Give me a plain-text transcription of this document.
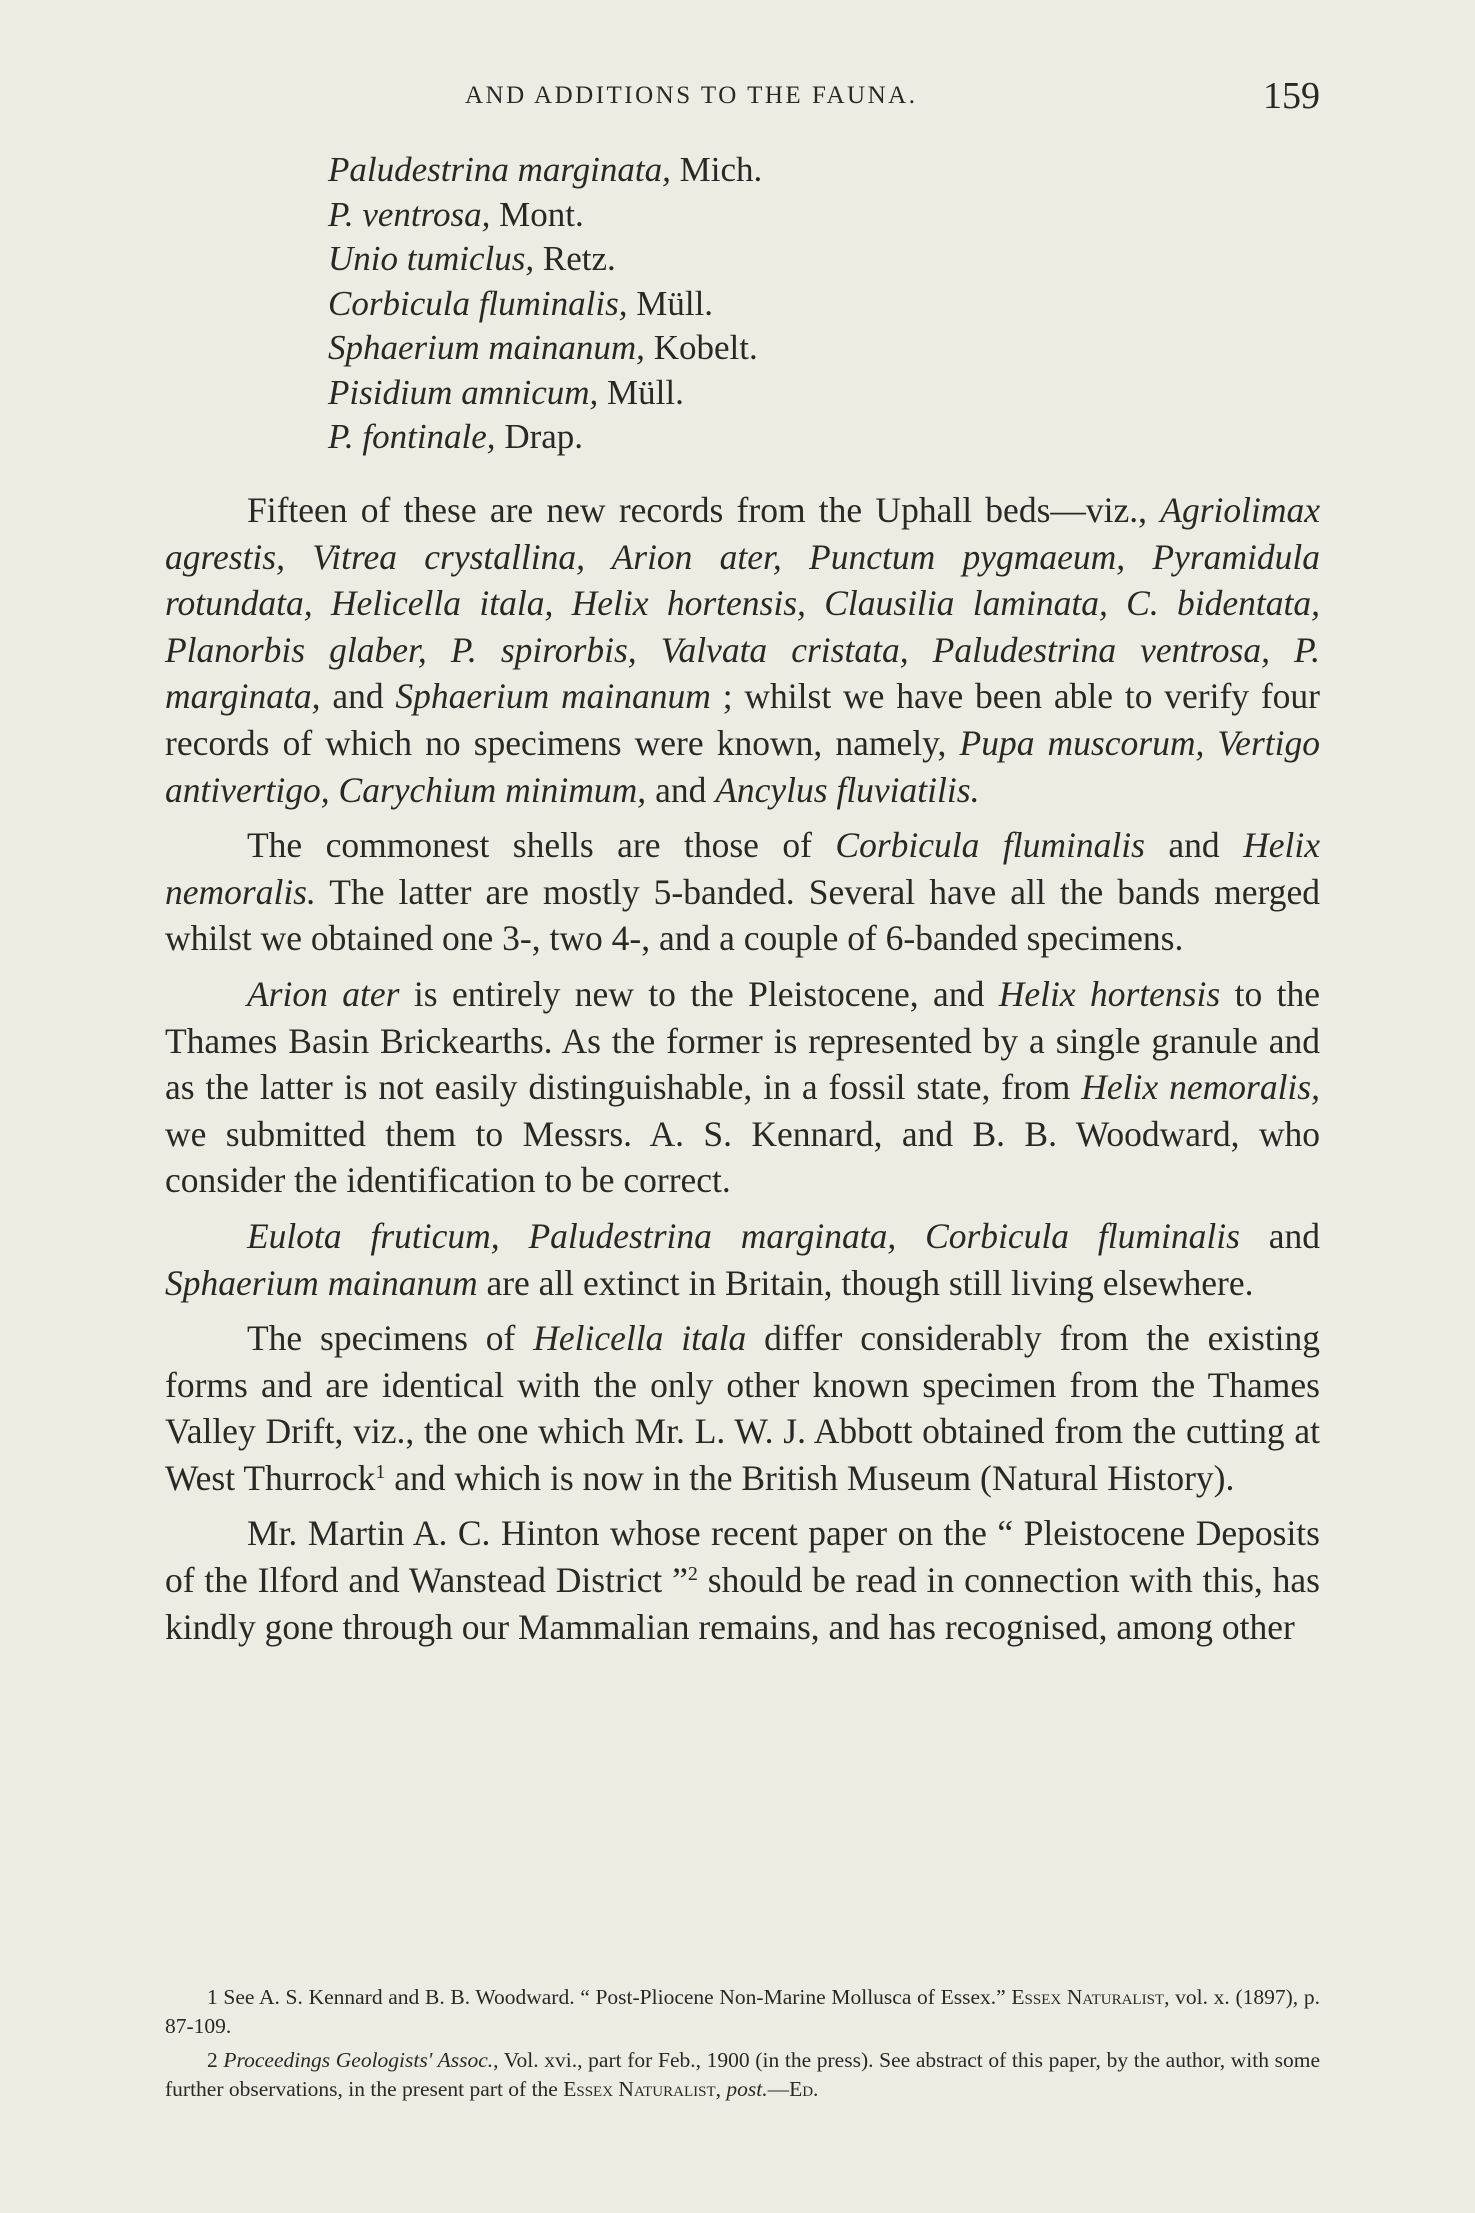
AND ADDITIONS TO THE FAUNA.	159
Paludestrina marginata, Mich.
P. ventrosa, Mont.
Unio tumiclus, Retz.
Corbicula fluminalis, Müll.
Sphaerium mainanum, Kobelt.
Pisidium amnicum, Müll.
P. fontinale, Drap.

Fifteen of these are new records from the Uphall beds—viz., Agriolimax agrestis, Vitrea crystallina, Arion ater, Punctum pygmaeum, Pyramidula rotundata, Helicella itala, Helix hortensis, Clausilia laminata, C. bidentata, Planorbis glaber, P. spirorbis, Valvata cristata, Paludestrina ventrosa, P. marginata, and Sphaerium mainanum ; whilst we have been able to verify four records of which no specimens were known, namely, Pupa muscorum, Vertigo antivertigo, Carychium minimum, and Ancylus fluviatilis.

The commonest shells are those of Corbicula fluminalis and Helix nemoralis. The latter are mostly 5-banded. Several have all the bands merged whilst we obtained one 3-, two 4-, and a couple of 6-banded specimens.

Arion ater is entirely new to the Pleistocene, and Helix hortensis to the Thames Basin Brickearths. As the former is represented by a single granule and as the latter is not easily distinguishable, in a fossil state, from Helix nemoralis, we submitted them to Messrs. A. S. Kennard, and B. B. Woodward, who consider the identification to be correct.

Eulota fruticum, Paludestrina marginata, Corbicula fluminalis and Sphaerium mainanum are all extinct in Britain, though still living elsewhere.

The specimens of Helicella itala differ considerably from the existing forms and are identical with the only other known specimen from the Thames Valley Drift, viz., the one which Mr. L. W. J. Abbott obtained from the cutting at West Thurrock$^1$ and which is now in the British Museum (Natural History).

Mr. Martin A. C. Hinton whose recent paper on the “ Pleistocene Deposits of the Ilford and Wanstead District ”$^2$ should be read in connection with this, has kindly gone through our Mammalian remains, and has recognised, among other

1 See A. S. Kennard and B. B. Woodward. “ Post-Pliocene Non-Marine Mollusca of Essex.” Essex Naturalist, vol. x. (1897), p. 87-109.

2 Proceedings Geologists' Assoc., Vol. xvi., part for Feb., 1900 (in the press). See abstract of this paper, by the author, with some further observations, in the present part of the Essex Naturalist, post.—Ed.
